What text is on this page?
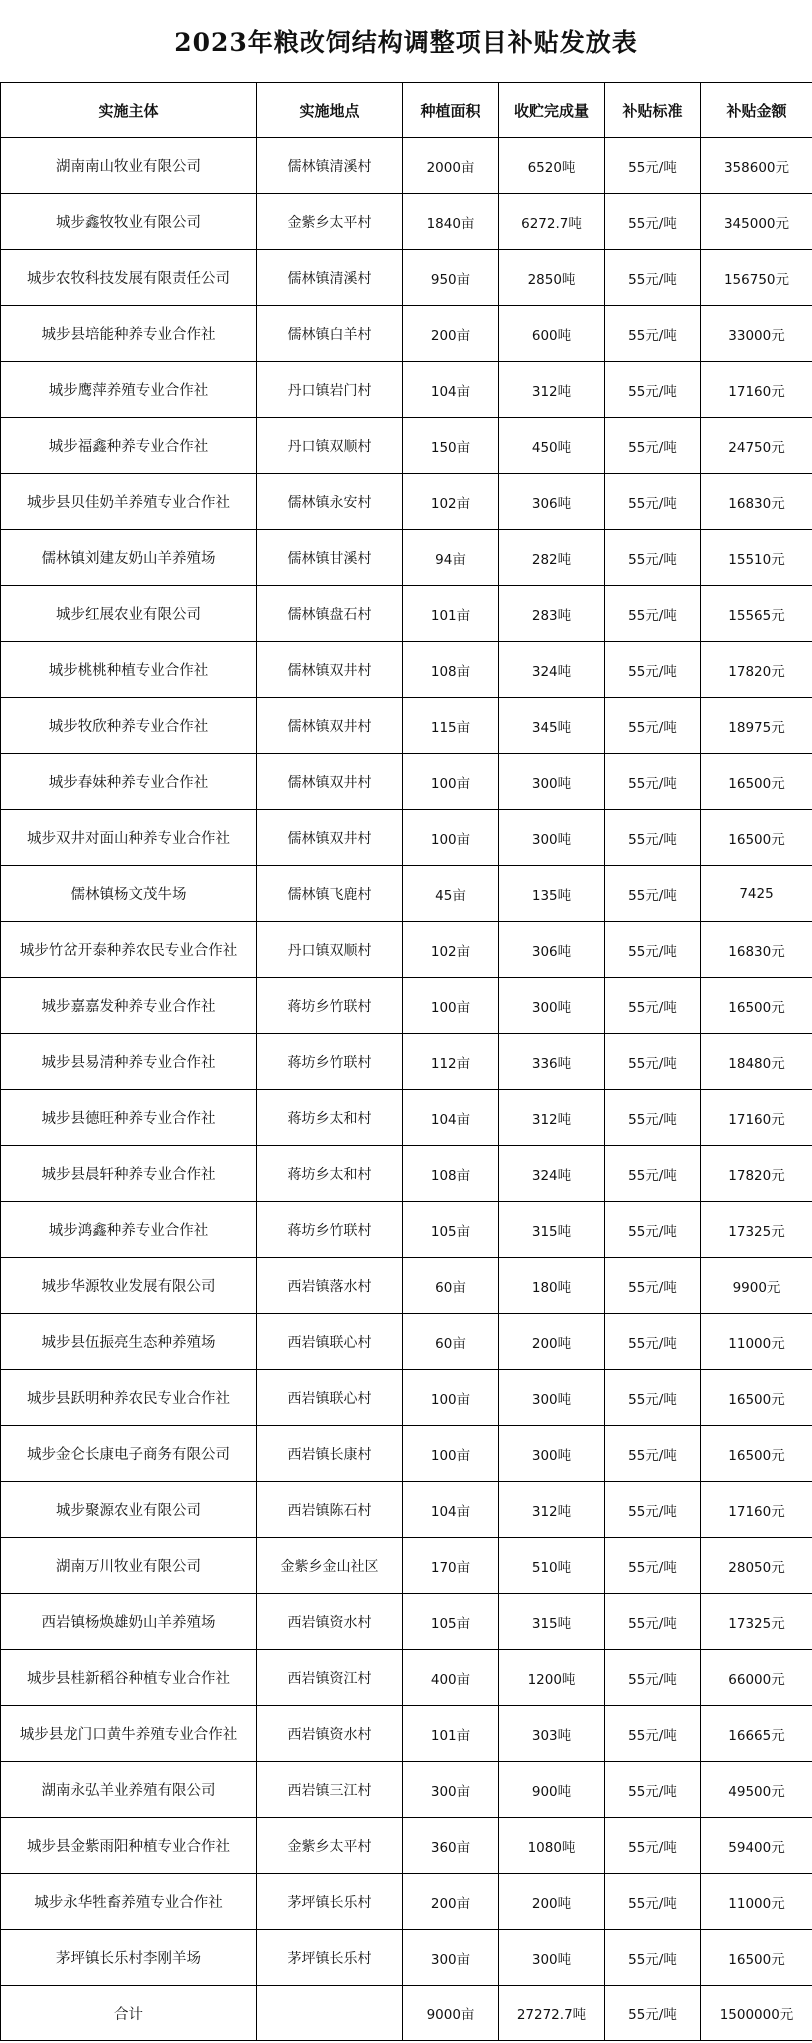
2023年粮改饲结构调整项目补贴发放表
实施主体	实施地点	种植面积	收贮完成量	补贴标准	补贴金额
湖南南山牧业有限公司	儒林镇清溪村	2000亩	6520吨	55元/吨	358600元
城步鑫牧牧业有限公司	金紫乡太平村	1840亩	6272.7吨	55元/吨	345000元
城步农牧科技发展有限责任公司	儒林镇清溪村	950亩	2850吨	55元/吨	156750元
城步县培能种养专业合作社	儒林镇白羊村	200亩	600吨	55元/吨	33000元
城步鹰萍养殖专业合作社	丹口镇岩门村	104亩	312吨	55元/吨	17160元
城步福鑫种养专业合作社	丹口镇双顺村	150亩	450吨	55元/吨	24750元
城步县贝佳奶羊养殖专业合作社	儒林镇永安村	102亩	306吨	55元/吨	16830元
儒林镇刘建友奶山羊养殖场	儒林镇甘溪村	94亩	282吨	55元/吨	15510元
城步红展农业有限公司	儒林镇盘石村	101亩	283吨	55元/吨	15565元
城步桃桃种植专业合作社	儒林镇双井村	108亩	324吨	55元/吨	17820元
城步牧欣种养专业合作社	儒林镇双井村	115亩	345吨	55元/吨	18975元
城步春妹种养专业合作社	儒林镇双井村	100亩	300吨	55元/吨	16500元
城步双井对面山种养专业合作社	儒林镇双井村	100亩	300吨	55元/吨	16500元
儒林镇杨文茂牛场	儒林镇飞鹿村	45亩	135吨	55元/吨	7425
城步竹岔开泰种养农民专业合作社	丹口镇双顺村	102亩	306吨	55元/吨	16830元
城步嘉嘉发种养专业合作社	蒋坊乡竹联村	100亩	300吨	55元/吨	16500元
城步县易清种养专业合作社	蒋坊乡竹联村	112亩	336吨	55元/吨	18480元
城步县德旺种养专业合作社	蒋坊乡太和村	104亩	312吨	55元/吨	17160元
城步县晨轩种养专业合作社	蒋坊乡太和村	108亩	324吨	55元/吨	17820元
城步鸿鑫种养专业合作社	蒋坊乡竹联村	105亩	315吨	55元/吨	17325元
城步华源牧业发展有限公司	西岩镇落水村	60亩	180吨	55元/吨	9900元
城步县伍振亮生态种养殖场	西岩镇联心村	60亩	200吨	55元/吨	11000元
城步县跃明种养农民专业合作社	西岩镇联心村	100亩	300吨	55元/吨	16500元
城步金仑长康电子商务有限公司	西岩镇长康村	100亩	300吨	55元/吨	16500元
城步聚源农业有限公司	西岩镇陈石村	104亩	312吨	55元/吨	17160元
湖南万川牧业有限公司	金紫乡金山社区	170亩	510吨	55元/吨	28050元
西岩镇杨焕雄奶山羊养殖场	西岩镇资水村	105亩	315吨	55元/吨	17325元
城步县桂新稻谷种植专业合作社	西岩镇资江村	400亩	1200吨	55元/吨	66000元
城步县龙门口黄牛养殖专业合作社	西岩镇资水村	101亩	303吨	55元/吨	16665元
湖南永弘羊业养殖有限公司	西岩镇三江村	300亩	900吨	55元/吨	49500元
城步县金紫雨阳种植专业合作社	金紫乡太平村	360亩	1080吨	55元/吨	59400元
城步永华牲畜养殖专业合作社	茅坪镇长乐村	200亩	200吨	55元/吨	11000元
茅坪镇长乐村李刚羊场	茅坪镇长乐村	300亩	300吨	55元/吨	16500元
合计		9000亩	27272.7吨	55元/吨	1500000元
